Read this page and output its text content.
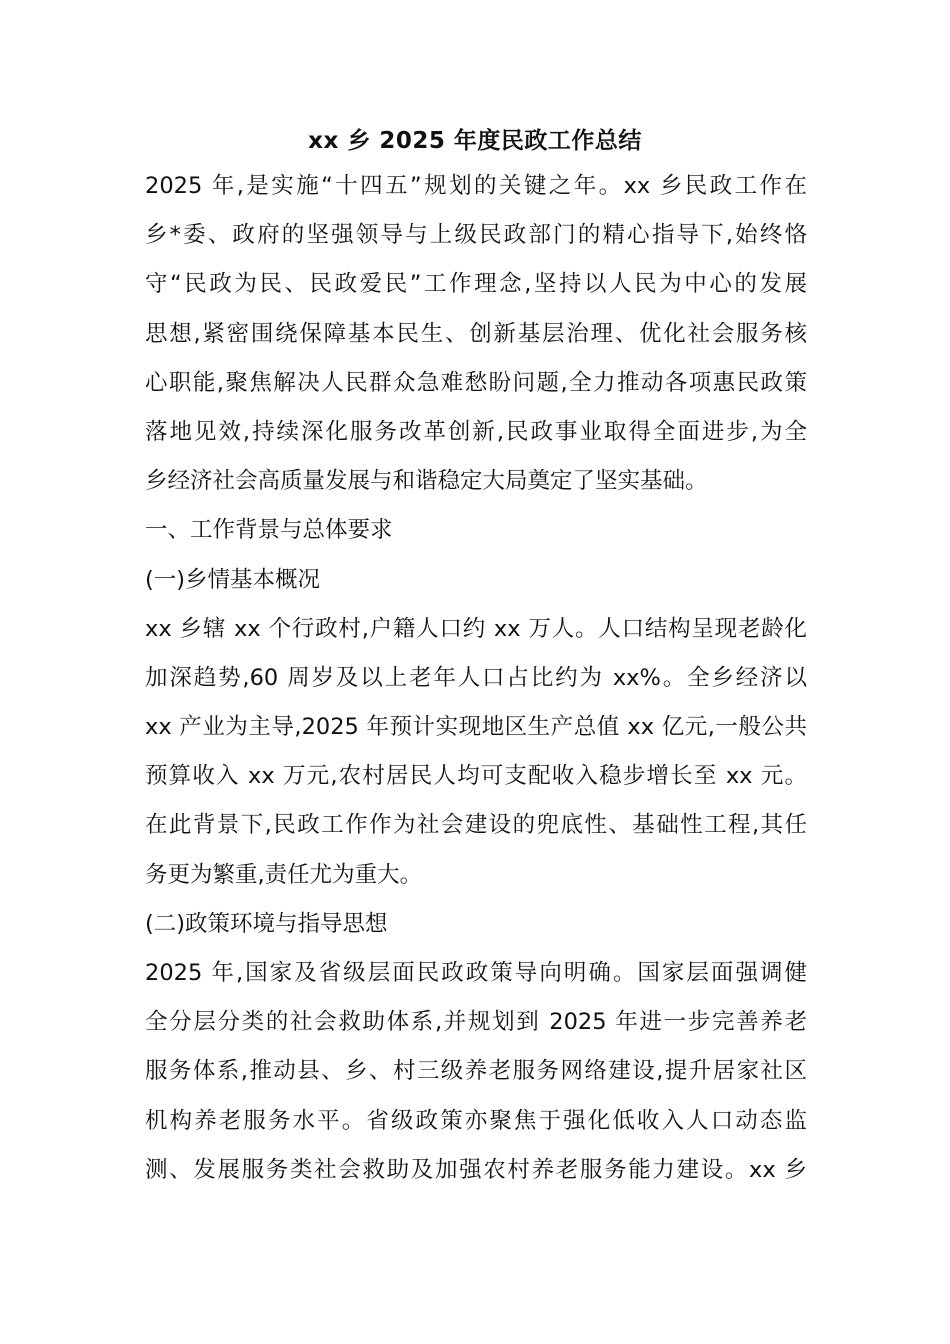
xx 乡 2025 年度民政工作总结
2025 年,是实施“十四五”规划的关键之年。xx 乡民政工作在
乡*委、政府的坚强领导与上级民政部门的精心指导下,始终恪
守“民政为民、民政爱民”工作理念,坚持以人民为中心的发展
思想,紧密围绕保障基本民生、创新基层治理、优化社会服务核
心职能,聚焦解决人民群众急难愁盼问题,全力推动各项惠民政策
落地见效,持续深化服务改革创新,民政事业取得全面进步,为全
乡经济社会高质量发展与和谐稳定大局奠定了坚实基础。
一、工作背景与总体要求
(一)乡情基本概况
xx 乡辖 xx 个行政村,户籍人口约 xx 万人。人口结构呈现老龄化
加深趋势,60 周岁及以上老年人口占比约为 xx%。全乡经济以
xx 产业为主导,2025 年预计实现地区生产总值 xx 亿元,一般公共
预算收入 xx 万元,农村居民人均可支配收入稳步增长至 xx 元。
在此背景下,民政工作作为社会建设的兜底性、基础性工程,其任
务更为繁重,责任尤为重大。
(二)政策环境与指导思想
2025 年,国家及省级层面民政政策导向明确。国家层面强调健
全分层分类的社会救助体系,并规划到 2025 年进一步完善养老
服务体系,推动县、乡、村三级养老服务网络建设,提升居家社区
机构养老服务水平。省级政策亦聚焦于强化低收入人口动态监
测、发展服务类社会救助及加强农村养老服务能力建设。xx 乡
